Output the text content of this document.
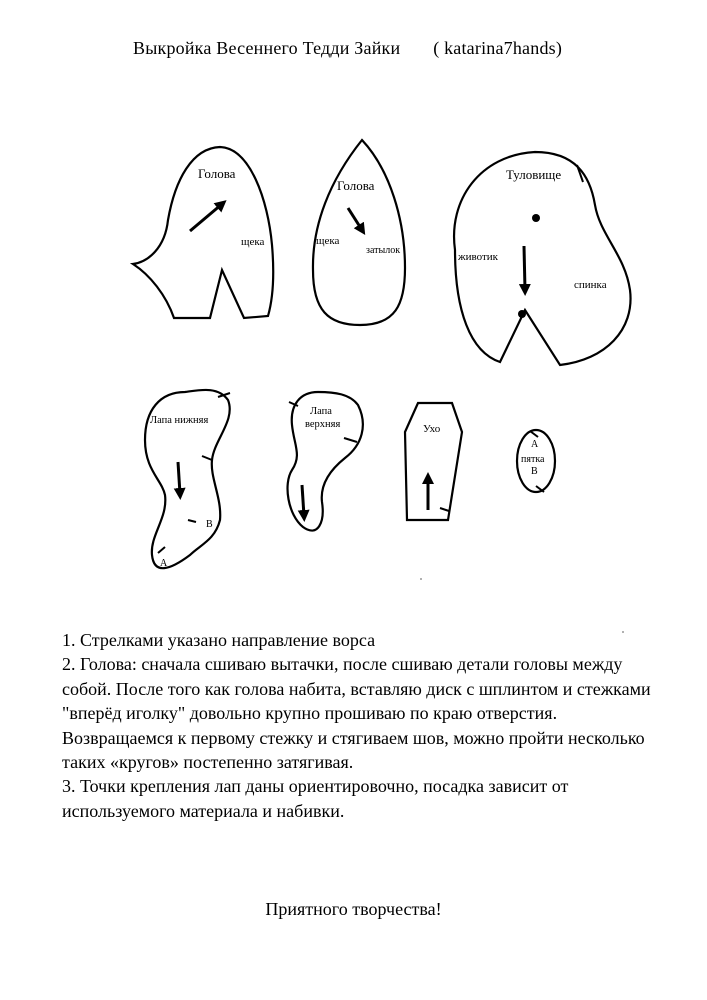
Выкройка Весеннего Тедди Зайки       ( katarina7hands)
Голова
щека
Голова
щека
затылок
Туловище
животик
спинка
Лапа нижняя
A
B
Лапа
верхняя	Ухо
A
пятка
B

1. Стрелками указано направление ворса

2. Голова: сначала сшиваю вытачки, после сшиваю детали головы между собой. После того как голова набита, вставляю диск с шплинтом и стежками "вперёд иголку" довольно крупно прошиваю по краю отверстия. Возвращаемся к первому стежку и стягиваем шов, можно пройти несколько таких «кругов» постепенно затягивая.

3. Точки крепления лап даны ориентировочно, посадка зависит от используемого материала и набивки.

Приятного творчества!
